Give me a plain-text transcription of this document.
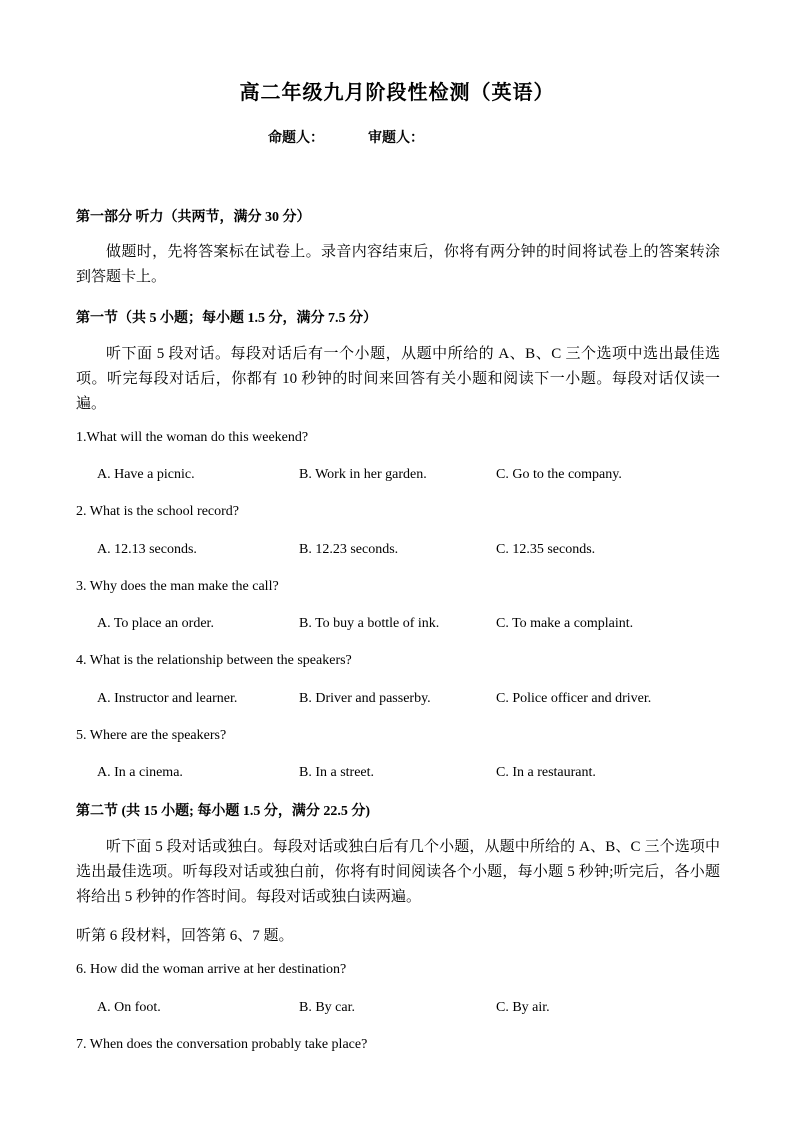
高二年级九月阶段性检测（英语）
命题人：	审题人：
第一部分 听力（共两节，满分 30 分）
做题时，先将答案标在试卷上。录音内容结束后，你将有两分钟的时间将试卷上的答案转涂到答题卡上。
第一节（共 5 小题；每小题 1.5 分，满分 7.5 分）
听下面 5 段对话。每段对话后有一个小题，从题中所给的 A、B、C 三个选项中选出最佳选项。听完每段对话后，你都有 10 秒钟的时间来回答有关小题和阅读下一小题。每段对话仅读一遍。
1.What will the woman do this weekend?
A. Have a picnic.	B. Work in her garden.	C. Go to the company.
2. What is the school record?
A. 12.13 seconds.	B. 12.23 seconds.	C. 12.35 seconds.
3. Why does the man make the call?
A. To place an order.	B. To buy a bottle of ink.	C. To make a complaint.
4. What is the relationship between the speakers?
A. Instructor and learner.	B. Driver and passerby.	C. Police officer and driver.
5. Where are the speakers?
A. In a cinema.	B. In a street.	C. In a restaurant.
第二节 (共 15 小题; 每小题 1.5 分，满分 22.5 分)
听下面 5 段对话或独白。每段对话或独白后有几个小题，从题中所给的 A、B、C 三个选项中选出最佳选项。听每段对话或独白前，你将有时间阅读各个小题，每小题 5 秒钟;听完后，各小题将给出 5 秒钟的作答时间。每段对话或独白读两遍。
听第 6 段材料，回答第 6、7 题。
6. How did the woman arrive at her destination?
A. On foot.	B. By car.	C. By air.
7. When does the conversation probably take place?
